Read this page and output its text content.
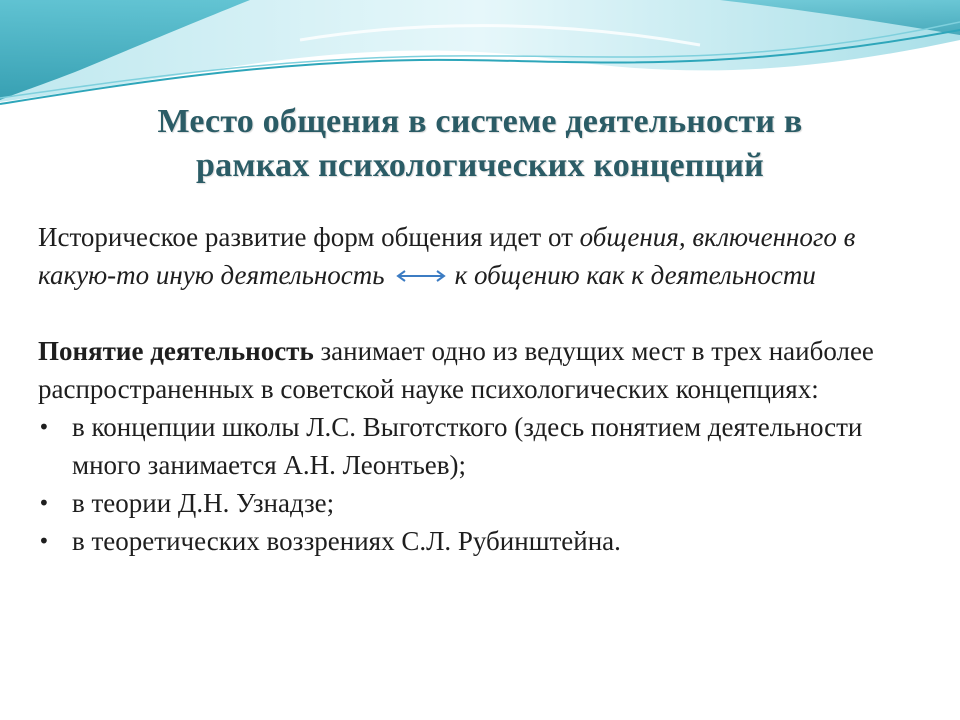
Место общения в системе деятельности в
рамках психологических концепций
Историческое развитие форм общения идет от общения, включенного в какую-то иную деятельность	к общению как к деятельности
Понятие деятельность занимает одно из ведущих мест в трех наиболее распространенных в советской науке психологических концепциях:
• в концепции школы Л.С. Выготсткого (здесь понятием деятельности много занимается А.Н. Леонтьев);
• в теории Д.Н. Узнадзе;
• в теоретических воззрениях С.Л. Рубинштейна.
